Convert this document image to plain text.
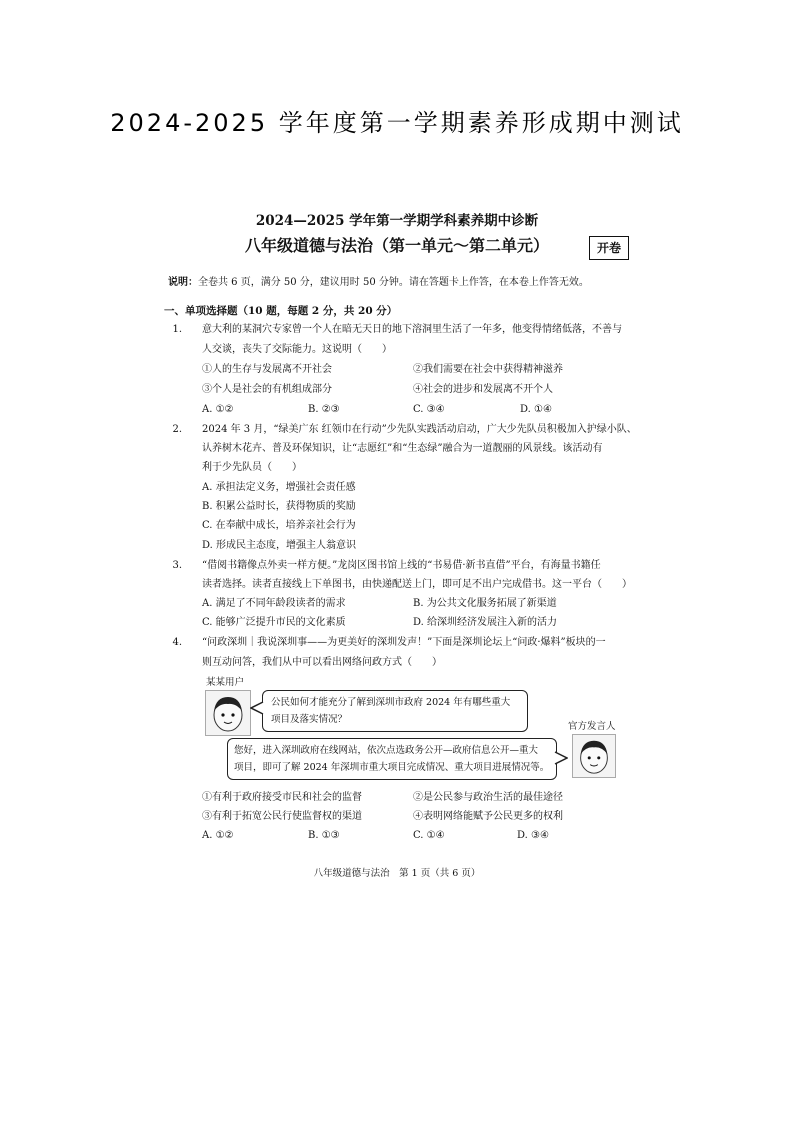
2024-2025 学年度第一学期素养形成期中测试
2024—2025 学年第一学期学科素养期中诊断
八年级道德与法治（第一单元～第二单元）	开卷
说明：全卷共 6 页，满分 50 分，建议用时 50 分钟。请在答题卡上作答，在本卷上作答无效。
一、单项选择题（10 题，每题 2 分，共 20 分）
1. 意大利的某洞穴专家曾一个人在暗无天日的地下溶洞里生活了一年多，他变得情绪低落，不善与
人交谈，丧失了交际能力。这说明（　　）
①人的生存与发展离不开社会	②我们需要在社会中获得精神滋养
③个人是社会的有机组成部分	④社会的进步和发展离不开个人
A. ①②	B. ②③	C. ③④	D. ①④
2. 2024 年 3 月，“绿美广东 红领巾在行动”少先队实践活动启动，广大少先队员积极加入护绿小队、
认养树木花卉、普及环保知识，让“志愿红”和“生态绿”融合为一道靓丽的风景线。该活动有
利于少先队员（　　）
A. 承担法定义务，增强社会责任感
B. 积累公益时长，获得物质的奖励
C. 在奉献中成长，培养亲社会行为
D. 形成民主态度，增强主人翁意识
3. “借阅书籍像点外卖一样方便。”龙岗区图书馆上线的“书易借·新书直借”平台，有海量书籍任
读者选择。读者直接线上下单图书，由快递配送上门，即可足不出户完成借书。这一平台（　　）
A. 满足了不同年龄段读者的需求	B. 为公共文化服务拓展了新渠道
C. 能够广泛提升市民的文化素质	D. 给深圳经济发展注入新的活力
4. “问政深圳｜我说深圳事——为更美好的深圳发声！”下面是深圳论坛上“问政·爆料”板块的一
则互动问答，我们从中可以看出网络问政方式（　　）
某某用户
公民如何才能充分了解到深圳市政府 2024 年有哪些重大
项目及落实情况？
官方发言人
您好，进入深圳政府在线网站，依次点选政务公开—政府信息公开—重大
项目，即可了解 2024 年深圳市重大项目完成情况、重大项目进展情况等。
①有利于政府接受市民和社会的监督	②是公民参与政治生活的最佳途径
③有利于拓宽公民行使监督权的渠道	④表明网络能赋予公民更多的权利
A. ①②	B. ①③	C. ①④	D. ③④
八年级道德与法治　第 1 页（共 6 页）
